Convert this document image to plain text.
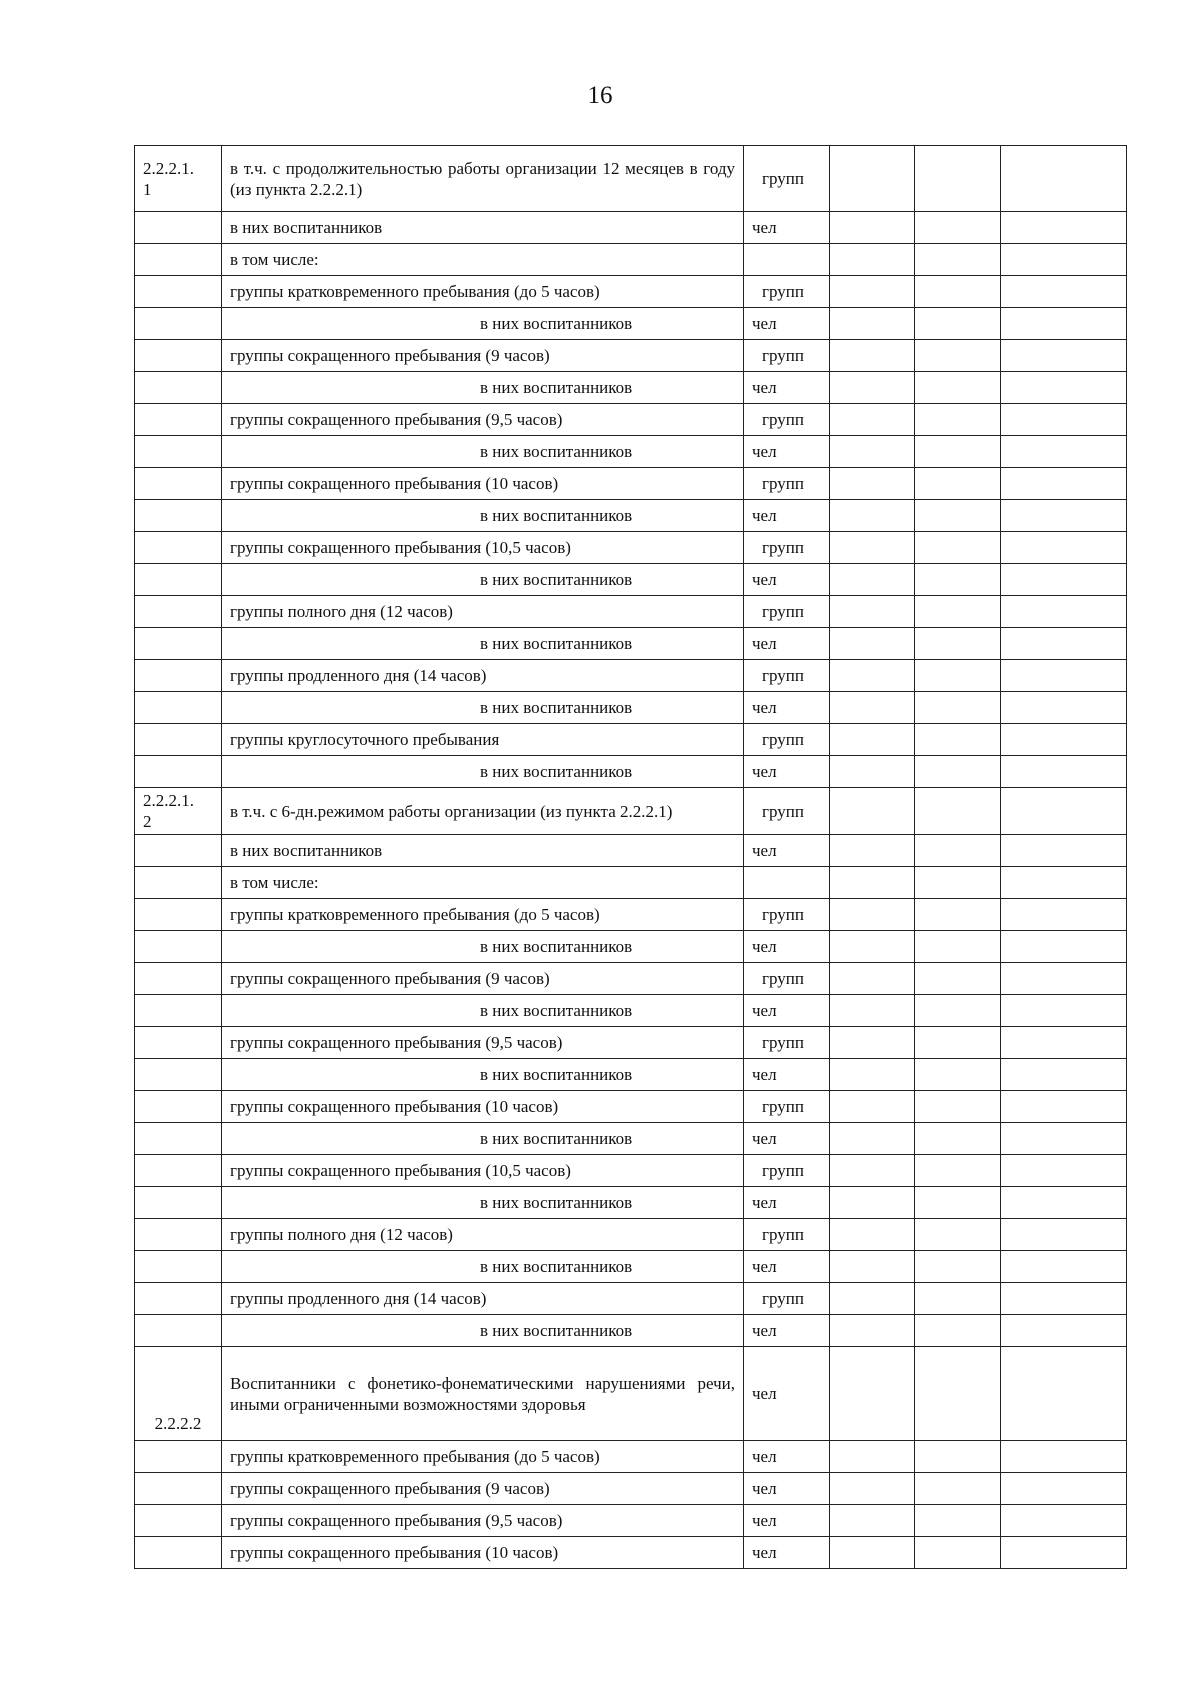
16
2.2.2.1.
1	в т.ч. с продолжительностью работы организации 12 месяцев в году (из пункта 2.2.2.1)	групп			
	в них воспитанников	чел			
	в том числе:				
	группы кратковременного пребывания (до 5 часов)	групп			
	в них воспитанников	чел			
	группы сокращенного пребывания (9 часов)	групп			
	в них воспитанников	чел			
	группы сокращенного пребывания (9,5 часов)	групп			
	в них воспитанников	чел			
	группы сокращенного пребывания (10 часов)	групп			
	в них воспитанников	чел			
	группы сокращенного пребывания (10,5 часов)	групп			
	в них воспитанников	чел			
	группы полного дня (12 часов)	групп			
	в них воспитанников	чел			
	группы продленного дня (14 часов)	групп			
	в них воспитанников	чел			
	группы круглосуточного пребывания	групп			
	в них воспитанников	чел			
2.2.2.1.
2	в т.ч. с 6-дн.режимом работы организации (из пункта 2.2.2.1)	групп			
	в них воспитанников	чел			
	в том числе:				
	группы кратковременного пребывания (до 5 часов)	групп			
	в них воспитанников	чел			
	группы сокращенного пребывания (9 часов)	групп			
	в них воспитанников	чел			
	группы сокращенного пребывания (9,5 часов)	групп			
	в них воспитанников	чел			
	группы сокращенного пребывания (10 часов)	групп			
	в них воспитанников	чел			
	группы сокращенного пребывания (10,5 часов)	групп			
	в них воспитанников	чел			
	группы полного дня (12 часов)	групп			
	в них воспитанников	чел			
	группы продленного дня (14 часов)	групп			
	в них воспитанников	чел			
2.2.2.2	Воспитанники с фонетико-фонематическими нарушениями речи, иными ограниченными возможностями здоровья	чел			
	группы кратковременного пребывания (до 5 часов)	чел			
	группы сокращенного пребывания (9 часов)	чел			
	группы сокращенного пребывания (9,5 часов)	чел			
	группы сокращенного пребывания (10 часов)	чел			
